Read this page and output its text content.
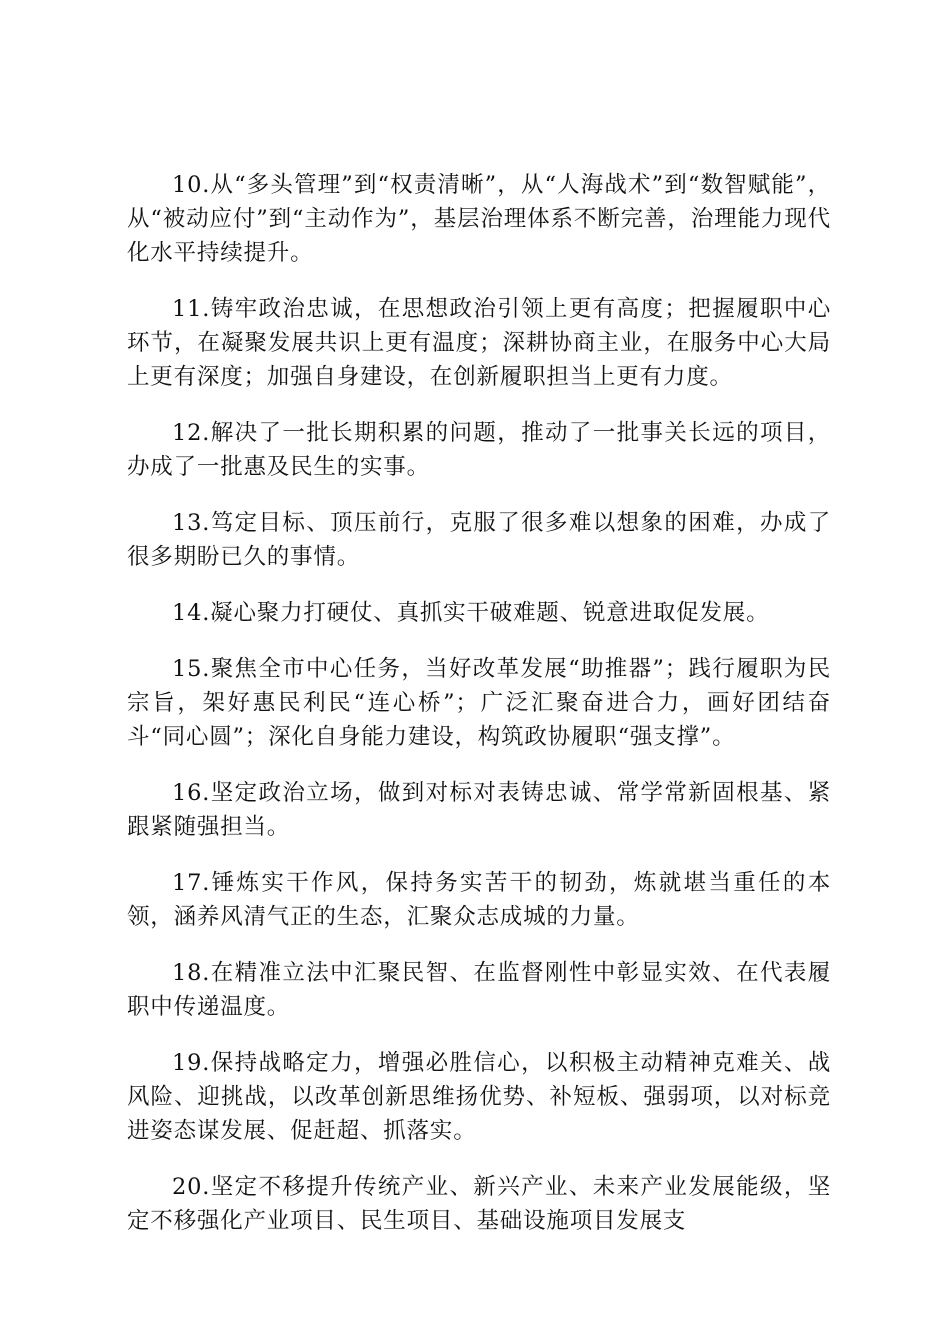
10.从“多头管理”到“权责清晰”，从“人海战术”到“数智赋能”，从“被动应付”到“主动作为”，基层治理体系不断完善，治理能力现代化水平持续提升。

11.铸牢政治忠诚，在思想政治引领上更有高度；把握履职中心环节，在凝聚发展共识上更有温度；深耕协商主业，在服务中心大局上更有深度；加强自身建设，在创新履职担当上更有力度。

12.解决了一批长期积累的问题，推动了一批事关长远的项目，办成了一批惠及民生的实事。

13.笃定目标、顶压前行，克服了很多难以想象的困难，办成了很多期盼已久的事情。

14.凝心聚力打硬仗、真抓实干破难题、锐意进取促发展。

15.聚焦全市中心任务，当好改革发展“助推器”；践行履职为民宗旨，架好惠民利民“连心桥”；广泛汇聚奋进合力，画好团结奋斗“同心圆”；深化自身能力建设，构筑政协履职“强支撑”。

16.坚定政治立场，做到对标对表铸忠诚、常学常新固根基、紧跟紧随强担当。

17.锤炼实干作风，保持务实苦干的韧劲，炼就堪当重任的本领，涵养风清气正的生态，汇聚众志成城的力量。

18.在精准立法中汇聚民智、在监督刚性中彰显实效、在代表履职中传递温度。

19.保持战略定力，增强必胜信心，以积极主动精神克难关、战风险、迎挑战，以改革创新思维扬优势、补短板、强弱项，以对标竞进姿态谋发展、促赶超、抓落实。

20.坚定不移提升传统产业、新兴产业、未来产业发展能级，坚定不移强化产业项目、民生项目、基础设施项目发展支
